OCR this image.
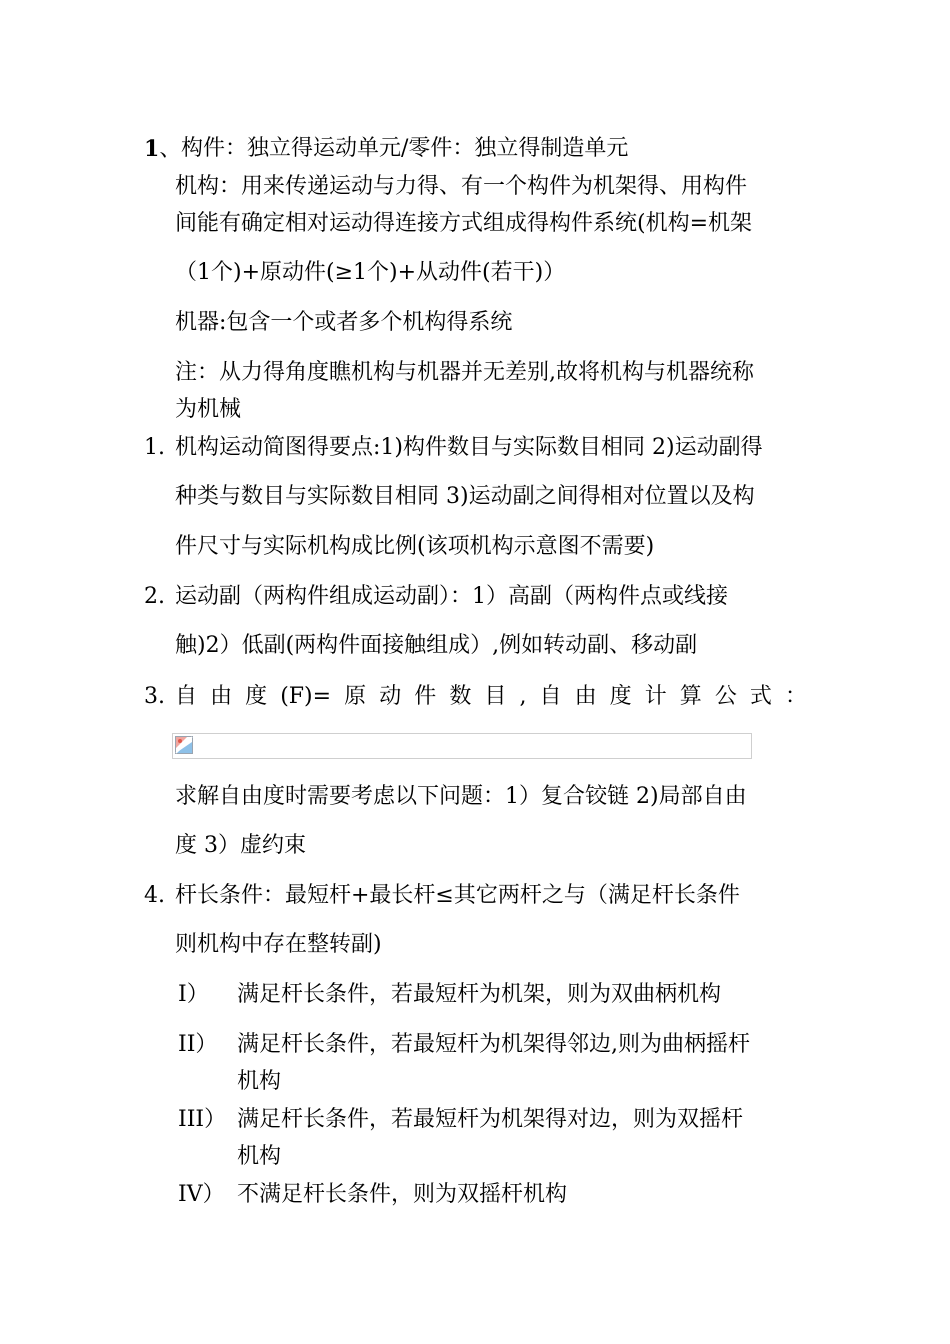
1、 构件：独立得运动单元/零件：独立得制造单元
机构：用来传递运动与力得、有一个构件为机架得、用构件
间能有确定相对运动得连接方式组成得构件系统(机构=机架
（1个)+原动件(≥1个)+从动件(若干)）
机器:包含一个或者多个机构得系统
注：从力得角度瞧机构与机器并无差别,故将机构与机器统称
为机械
1. 机构运动简图得要点:1)构件数目与实际数目相同 2)运动副得
种类与数目与实际数目相同 3)运动副之间得相对位置以及构
件尺寸与实际机构成比例(该项机构示意图不需要)
2. 运动副（两构件组成运动副）：1）高副（两构件点或线接
触)2）低副(两构件面接触组成）,例如转动副、移动副
3. 自由度(F)=原动件数目,自由度计算公式：
求解自由度时需要考虑以下问题：1）复合铰链 2)局部自由
度 3）虚约束
4. 杆长条件：最短杆+最长杆≤其它两杆之与（满足杆长条件
则机构中存在整转副)
I） 满足杆长条件，若最短杆为机架，则为双曲柄机构
II） 满足杆长条件，若最短杆为机架得邻边,则为曲柄摇杆
机构
III） 满足杆长条件，若最短杆为机架得对边，则为双摇杆
机构
IV） 不满足杆长条件，则为双摇杆机构
